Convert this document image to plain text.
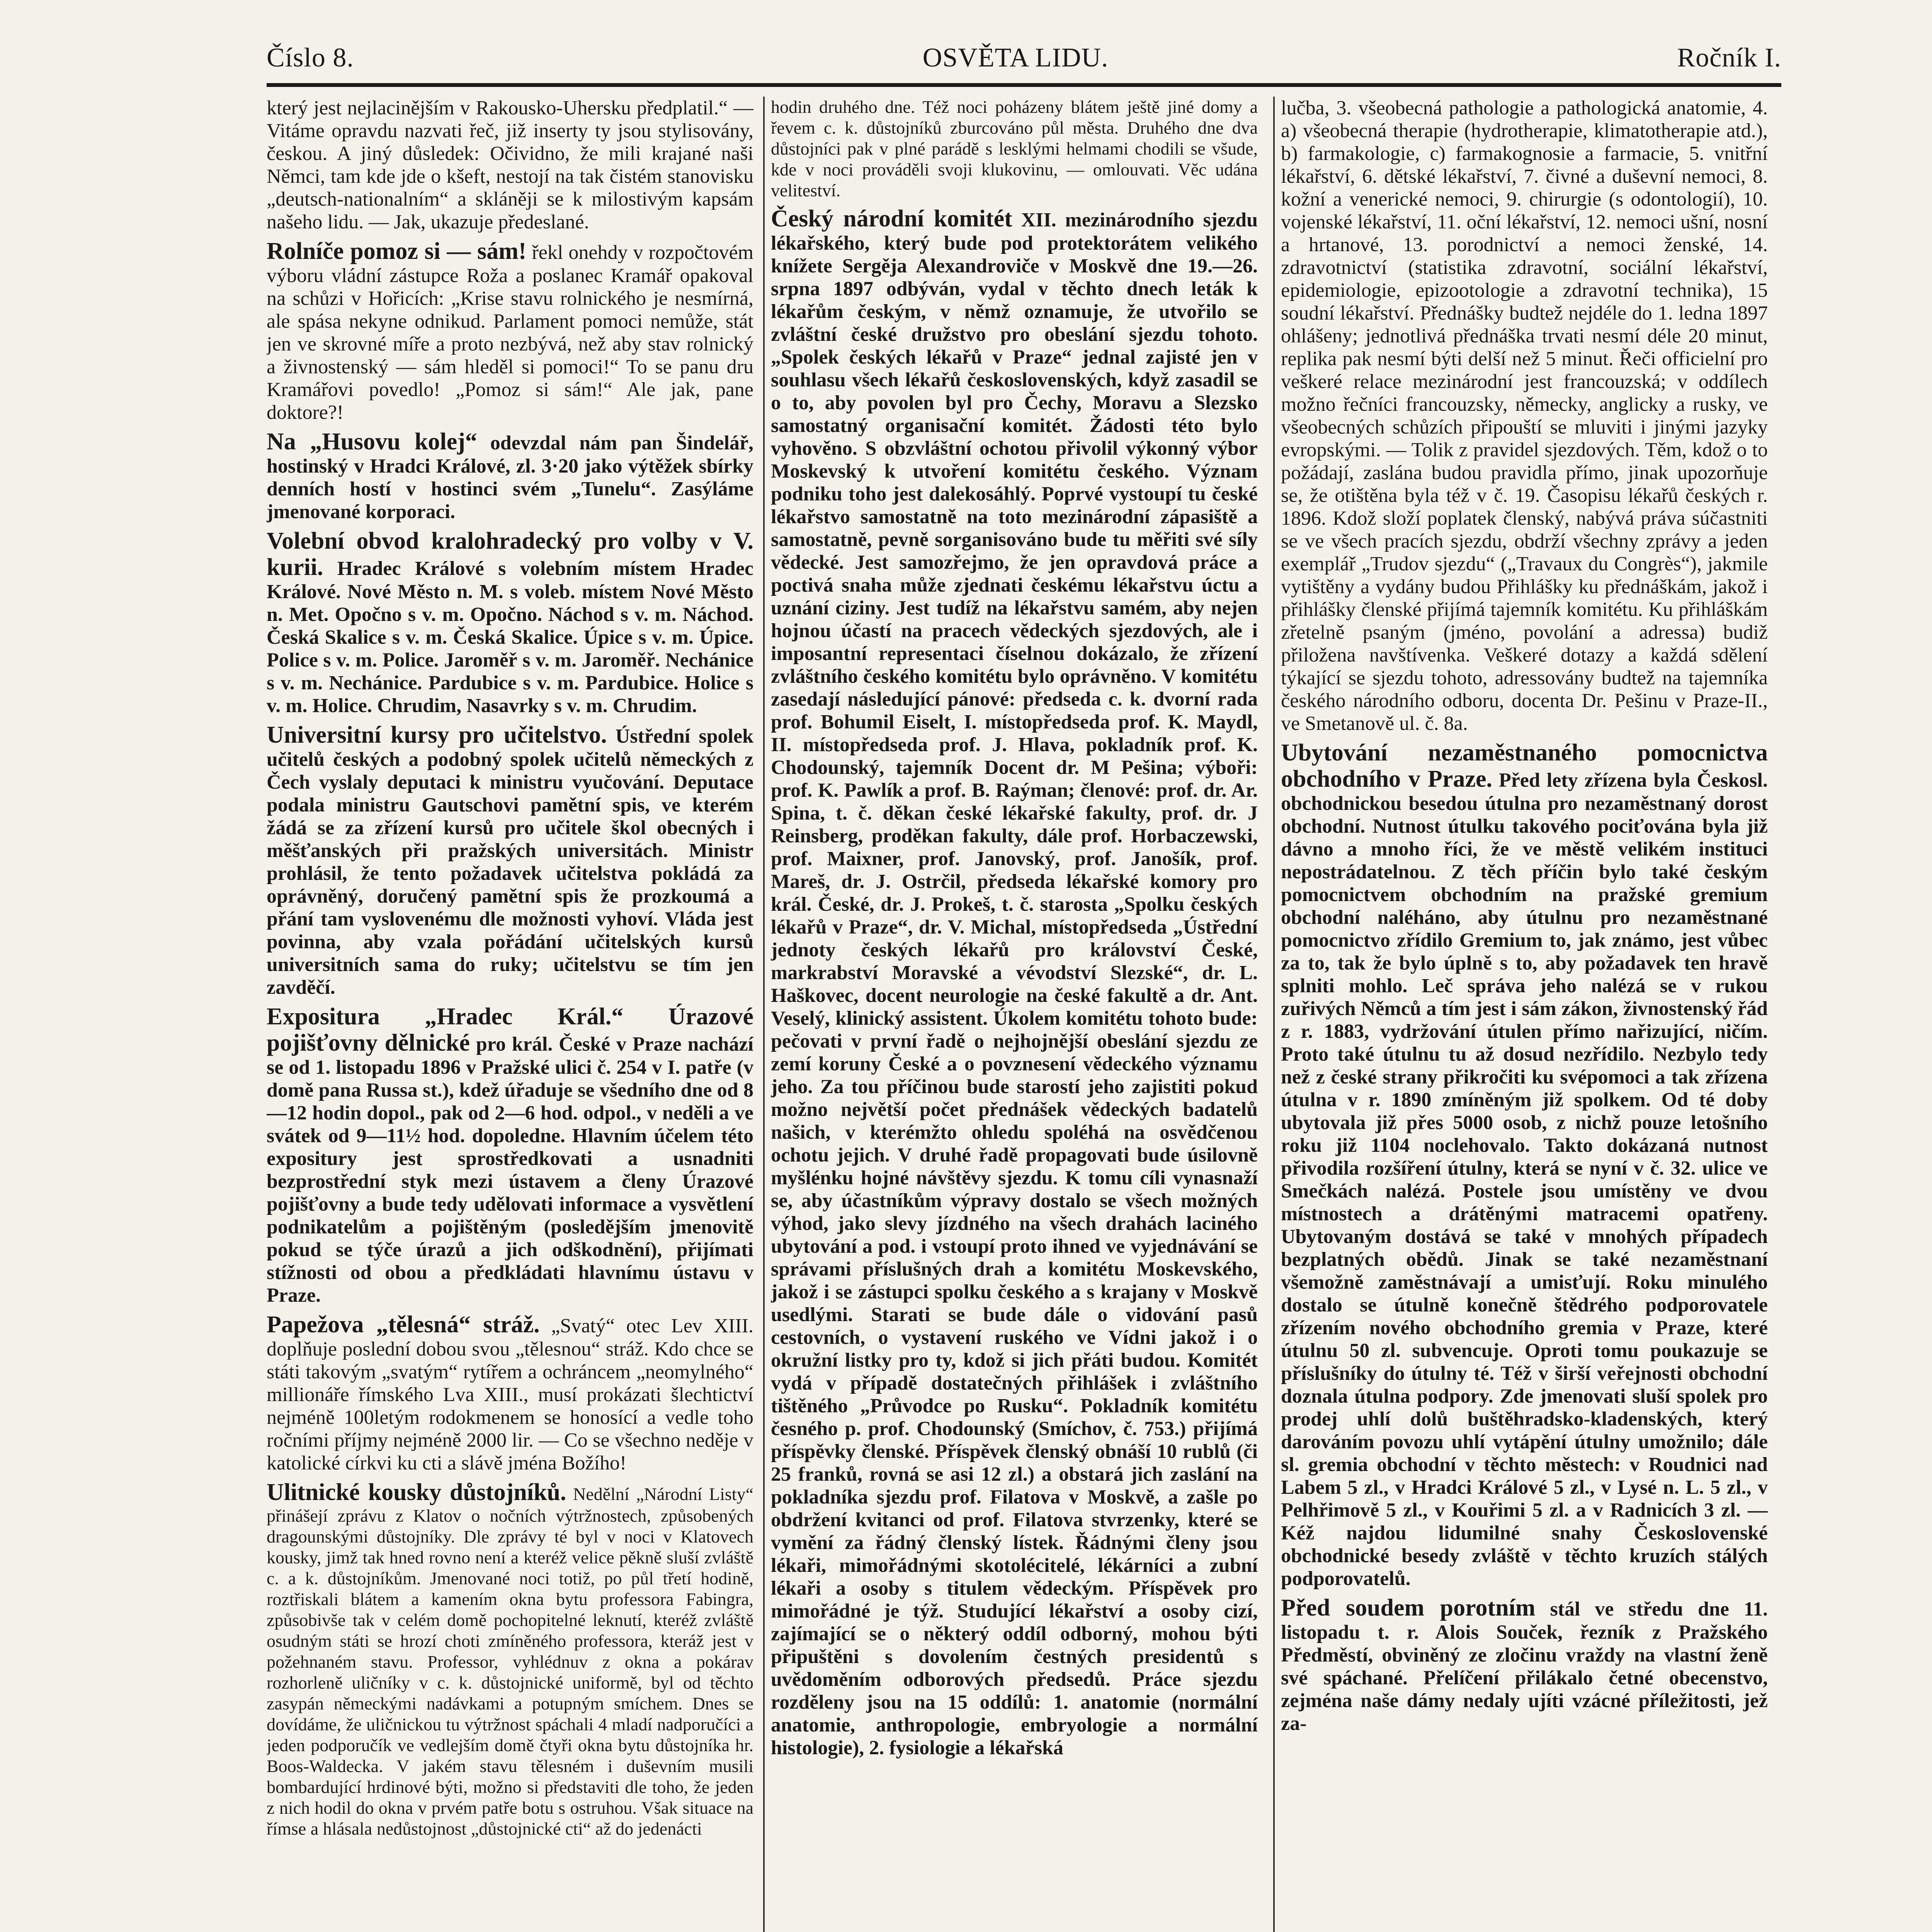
Číslo 8.	OSVĚTA LIDU.	Ročník I.

který jest nejlacinějším v Rakousko-Uhersku předplatil.“ — Vitáme opravdu nazvati řeč, již inserty ty jsou stylisovány, českou. A jiný důsledek: Očividno, že mili krajané naši Němci, tam kde jde o kšeft, nestojí na tak čistém stanovisku „deutsch-nationalním“ a skláněji se k milostivým kapsám našeho lidu. — Jak, ukazuje předeslané.

Rolníče pomoz si — sám! řekl onehdy v rozpočtovém výboru vládní zástupce Roža a poslanec Kramář opakoval na schůzi v Hořicích: „Krise stavu rolnického je nesmírná, ale spása nekyne odnikud. Parlament pomoci nemůže, stát jen ve skrovné míře a proto nezbývá, než aby stav rolnický a živnostenský — sám hleděl si pomoci!“ To se panu dru Kramářovi povedlo! „Pomoz si sám!“ Ale jak, pane doktore?!

Na „Husovu kolej“ odevzdal nám pan Šindelář, hostinský v Hradci Králové, zl. 3·20 jako výtěžek sbírky denních hostí v hostinci svém „Tunelu“. Zasýláme jmenované korporaci.

Volební obvod kralohradecký pro volby v V. kurii. Hradec Králové s volebním místem Hradec Králové. Nové Město n. M. s voleb. místem Nové Město n. Met. Opočno s v. m. Opočno. Náchod s v. m. Náchod. Česká Skalice s v. m. Česká Skalice. Úpice s v. m. Úpice. Police s v. m. Police. Jaroměř s v. m. Jaroměř. Nechánice s v. m. Nechánice. Pardubice s v. m. Pardubice. Holice s v. m. Holice. Chrudim, Nasavrky s v. m. Chrudim.

Universitní kursy pro učitelstvo. Ústřední spolek učitelů českých a podobný spolek učitelů německých z Čech vyslaly deputaci k ministru vyučování. Deputace podala ministru Gautschovi pamětní spis, ve kterém žádá se za zřízení kursů pro učitele škol obecných i měšťanských při pražských universitách. Ministr prohlásil, že tento požadavek učitelstva pokládá za oprávněný, doručený pamětní spis že prozkoumá a přání tam vyslovenému dle možnosti vyhoví. Vláda jest povinna, aby vzala pořádání učitelských kursů universitních sama do ruky; učitelstvu se tím jen zavděčí.

Expositura „Hradec Král.“ Úrazové pojišťovny dělnické pro král. České v Praze nachází se od 1. listopadu 1896 v Pražské ulici č. 254 v I. patře (v domě pana Russa st.), kdež úřaduje se všedního dne od 8—12 hodin dopol., pak od 2—6 hod. odpol., v neděli a ve svátek od 9—11½ hod. dopoledne. Hlavním účelem této expositury jest sprostředkovati a usnadniti bezprostřední styk mezi ústavem a členy Úrazové pojišťovny a bude tedy udělovati informace a vysvětlení podnikatelům a pojištěným (posledějším jmenovitě pokud se týče úrazů a jich odškodnění), přijímati stížnosti od obou a předkládati hlavnímu ústavu v Praze.

Papežova „tělesná“ stráž. „Svatý“ otec Lev XIII. doplňuje poslední dobou svou „tělesnou“ stráž. Kdo chce se státi takovým „svatým“ rytířem a ochráncem „neomylného“ millionáře římského Lva XIII., musí prokázati šlechtictví nejméně 100letým rodokmenem se honosící a vedle toho ročními příjmy nejméně 2000 lir. — Co se všechno neděje v katolické církvi ku cti a slávě jména Božího!

Ulitnické kousky důstojníků. Nedělní „Národní Listy“ přinášejí zprávu z Klatov o nočních výtržnostech, způsobených dragounskými důstojníky. Dle zprávy té byl v noci v Klatovech kousky, jimž tak hned rovno není a kteréž velice pěkně sluší zvláště c. a k. důstojníkům. Jmenované noci totiž, po půl třetí hodině, roztřiskali blátem a kamením okna bytu professora Fabingra, způsobivše tak v celém domě pochopitelné leknutí, kteréž zvláště osudným státi se hrozí choti zmíněného professora, kteráž jest v požehnaném stavu. Professor, vyhlédnuv z okna a pokárav rozhorleně uličníky v c. k. důstojnické uniformě, byl od těchto zasypán německými nadávkami a potupným smíchem. Dnes se dovídáme, že uličnickou tu výtržnost spáchali 4 mladí nadporučíci a jeden podporučík ve vedlejším domě čtyři okna bytu důstojníka hr. Boos-Waldecka. V jakém stavu tělesném i duševním musili bombardující hrdinové býti, možno si představiti dle toho, že jeden z nich hodil do okna v prvém patře botu s ostruhou. Však situace na římse a hlásala nedůstojnost „důstojnické cti“ až do jedenácti

hodin druhého dne. Též noci poházeny blátem ještě jiné domy a řevem c. k. důstojníků zburcováno půl města. Druhého dne dva důstojníci pak v plné parádě s lesklými helmami chodili se všude, kde v noci prováděli svoji klukovinu, — omlouvati. Věc udána veliteství.

Český národní komitét XII. mezinárodního sjezdu lékařského, který bude pod protektorátem velikého knížete Sergěja Alexandroviče v Moskvě dne 19.—26. srpna 1897 odbýván, vydal v těchto dnech leták k lékařům českým, v němž oznamuje, že utvořilo se zvláštní české družstvo pro obeslání sjezdu tohoto. „Spolek českých lékařů v Praze“ jednal zajisté jen v souhlasu všech lékařů československých, když zasadil se o to, aby povolen byl pro Čechy, Moravu a Slezsko samostatný organisační komitét. Žádosti této bylo vyhověno. S obzvláštní ochotou přivolil výkonný výbor Moskevský k utvoření komitétu českého. Význam podniku toho jest dalekosáhlý. Poprvé vystoupí tu české lékařstvo samostatně na toto mezinárodní zápasiště a samostatně, pevně sorganisováno bude tu měřiti své síly vědecké. Jest samozřejmo, že jen opravdová práce a poctivá snaha může zjednati českému lékařstvu úctu a uznání ciziny. Jest tudíž na lékařstvu samém, aby nejen hojnou účastí na pracech vědeckých sjezdových, ale i imposantní representaci číselnou dokázalo, že zřízení zvláštního českého komitétu bylo oprávněno. V komitétu zasedají následující pánové: předseda c. k. dvorní rada prof. Bohumil Eiselt, I. místopředseda prof. K. Maydl, II. místopředseda prof. J. Hlava, pokladník prof. K. Chodounský, tajemník Docent dr. M Pešina; výboři: prof. K. Pawlík a prof. B. Raýman; členové: prof. dr. Ar. Spina, t. č. děkan české lékařské fakulty, prof. dr. J Reinsberg, proděkan fakulty, dále prof. Horbaczewski, prof. Maixner, prof. Janovský, prof. Janošík, prof. Mareš, dr. J. Ostrčil, předseda lékařské komory pro král. České, dr. J. Prokeš, t. č. starosta „Spolku českých lékařů v Praze“, dr. V. Michal, místopředseda „Ústřední jednoty českých lékařů pro království České, markrabství Moravské a vévodství Slezské“, dr. L. Haškovec, docent neurologie na české fakultě a dr. Ant. Veselý, klinický assistent. Úkolem komitétu tohoto bude: pečovati v první řadě o nejhojnější obeslání sjezdu ze zemí koruny České a o povznesení vědeckého významu jeho. Za tou příčinou bude starostí jeho zajistiti pokud možno největší počet přednášek vědeckých badatelů našich, v kterémžto ohledu spoléhá na osvědčenou ochotu jejich. V druhé řadě propagovati bude úsilovně myšlénku hojné návštěvy sjezdu. K tomu cíli vynasnaží se, aby účastníkům výpravy dostalo se všech možných výhod, jako slevy jízdného na všech drahách laciného ubytování a pod. i vstoupí proto ihned ve vyjednávání se správami příslušných drah a komitétu Moskevského, jakož i se zástupci spolku českého a s krajany v Moskvě usedlými. Starati se bude dále o vidování pasů cestovních, o vystavení ruského ve Vídni jakož i o okružní listky pro ty, kdož si jich přáti budou. Komitét vydá v případě dostatečných přihlášek i zvláštního tištěného „Průvodce po Rusku“. Pokladník komitétu česného p. prof. Chodounský (Smíchov, č. 753.) přijímá příspěvky členské. Příspěvek členský obnáší 10 rublů (či 25 franků, rovná se asi 12 zl.) a obstará jich zaslání na pokladníka sjezdu prof. Filatova v Moskvě, a zašle po obdržení kvitanci od prof. Filatova stvrzenky, které se vymění za řádný členský lístek. Řádnými členy jsou lékaři, mimořádnými skotolécitelé, lékárníci a zubní lékaři a osoby s titulem vědeckým. Příspěvek pro mimořádné je týž. Studující lékařství a osoby cizí, zajímající se o některý oddíl odborný, mohou býti připuštěni s dovolením čestných presidentů s uvědoměním odborových předsedů. Práce sjezdu rozděleny jsou na 15 oddílů: 1. anatomie (normální anatomie, anthropologie, embryologie a normální histologie), 2. fysiologie a lékařská

lučba, 3. všeobecná pathologie a pathologická anatomie, 4. a) všeobecná therapie (hydrotherapie, klimatotherapie atd.), b) farmakologie, c) farmakognosie a farmacie, 5. vnitřní lékařství, 6. dětské lékařství, 7. čivné a duševní nemoci, 8. kožní a venerické nemoci, 9. chirurgie (s odontologií), 10. vojenské lékařství, 11. oční lékařství, 12. nemoci ušní, nosní a hrtanové, 13. porodnictví a nemoci ženské, 14. zdravotnictví (statistika zdravotní, sociální lékařství, epidemiologie, epizootologie a zdravotní technika), 15 soudní lékařství. Přednášky budtež nejdéle do 1. ledna 1897 ohlášeny; jednotlivá přednáška trvati nesmí déle 20 minut, replika pak nesmí býti delší než 5 minut. Řeči officielní pro veškeré relace mezinárodní jest francouzská; v oddílech možno řečníci francouzsky, německy, anglicky a rusky, ve všeobecných schůzích připouští se mluviti i jinými jazyky evropskými. — Tolik z pravidel sjezdových. Těm, kdož o to požádají, zaslána budou pravidla přímo, jinak upozorňuje se, že otištěna byla též v č. 19. Časopisu lékařů českých r. 1896. Kdož složí poplatek členský, nabývá práva súčastniti se ve všech pracích sjezdu, obdrží všechny zprávy a jeden exemplář „Trudov sjezdu“ („Travaux du Congrès“), jakmile vytištěny a vydány budou Přihlášky ku přednáškám, jakož i přihlášky členské přijímá tajemník komitétu. Ku přihláškám zřetelně psaným (jméno, povolání a adressa) budiž přiložena navštívenka. Veškeré dotazy a každá sdělení týkající se sjezdu tohoto, adressovány budtež na tajemníka českého národního odboru, docenta Dr. Pešinu v Praze-II., ve Smetanově ul. č. 8a.

Ubytování nezaměstnaného pomocnictva obchodního v Praze. Před lety zřízena byla Českosl. obchodnickou besedou útulna pro nezaměstnaný dorost obchodní. Nutnost útulku takového pociťována byla již dávno a mnoho říci, že ve městě velikém instituci nepostrádatelnou. Z těch příčin bylo také českým pomocnictvem obchodním na pražské gremium obchodní naléháno, aby útulnu pro nezaměstnané pomocnictvo zřídilo Gremium to, jak známo, jest vůbec za to, tak že bylo úplně s to, aby požadavek ten hravě splniti mohlo. Leč správa jeho nalézá se v rukou zuřivých Němců a tím jest i sám zákon, živnostenský řád z r. 1883, vydržování útulen přímo nařizující, ničím. Proto také útulnu tu až dosud nezřídilo. Nezbylo tedy než z české strany přikročiti ku svépomoci a tak zřízena útulna v r. 1890 zmíněným již spolkem. Od té doby ubytovala již přes 5000 osob, z nichž pouze letošního roku již 1104 noclehovalo. Takto dokázaná nutnost přivodila rozšíření útulny, která se nyní v č. 32. ulice ve Smečkách nalézá. Postele jsou umístěny ve dvou místnostech a drátěnými matracemi opatřeny. Ubytovaným dostává se také v mnohých případech bezplatných obědů. Jinak se také nezaměstnaní všemožně zaměstnávají a umisťují. Roku minulého dostalo se útulně konečně štědrého podporovatele zřízením nového obchodního gremia v Praze, které útulnu 50 zl. subvencuje. Oproti tomu poukazuje se příslušníky do útulny té. Též v širší veřejnosti obchodní doznala útulna podpory. Zde jmenovati sluší spolek pro prodej uhlí dolů buštěhradsko-kladenských, který darováním povozu uhlí vytápění útulny umožnilo; dále sl. gremia obchodní v těchto městech: v Roudnici nad Labem 5 zl., v Hradci Králové 5 zl., v Lysé n. L. 5 zl., v Pelhřimově 5 zl., v Kouřimi 5 zl. a v Radnicích 3 zl. — Kéž najdou lidumilné snahy Československé obchodnické besedy zvláště v těchto kruzích stálých podporovatelů.

Před soudem porotním stál ve středu dne 11. listopadu t. r. Alois Souček, řezník z Pražského Předměstí, obviněný ze zločinu vraždy na vlastní ženě své spáchané. Přelíčení přilákalo četné obecenstvo, zejména naše dámy nedaly ujíti vzácné příležitosti, jež za-
